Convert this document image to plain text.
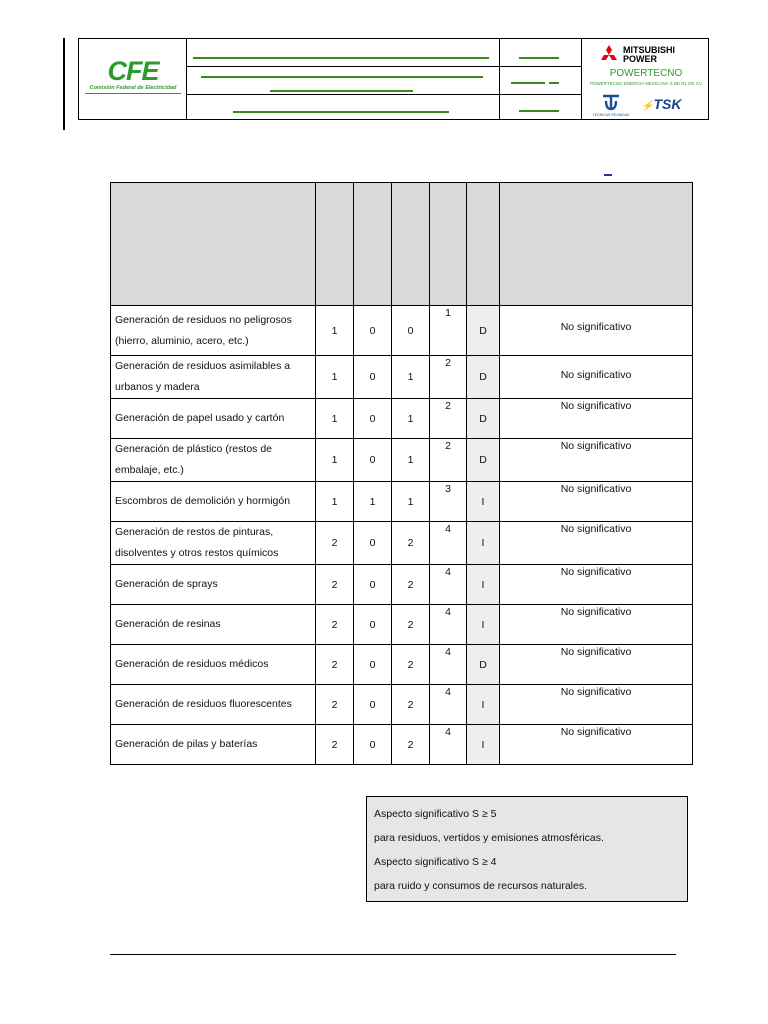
CFE
Comisión Federal de Electricidad
MITSUBISHI
POWER
POWERTECNO
POWERTECNO ENERGIA MEXICANA S DE RL DE CV
TECNICAS REUNIDAS
⚡TSK

Generación de residuos no peligrosos (hierro, aluminio, acero, etc.)	1	0	0	1	D	No significativo

Generación de residuos asimilables a urbanos y madera	1	0	1	2	D	No significativo

Generación de papel usado y cartón	1	0	1	2	D	No significativo

Generación de plástico (restos de embalaje, etc.)	1	0	1	2	D	No significativo

Escombros de demolición y hormigón	1	1	1	3	I	No significativo

Generación de restos de pinturas, disolventes y otros restos químicos	2	0	2	4	I	No significativo

Generación de sprays	2	0	2	4	I	No significativo

Generación de resinas	2	0	2	4	I	No significativo

Generación de residuos médicos	2	0	2	4	D	No significativo

Generación de residuos fluorescentes	2	0	2	4	I	No significativo

Generación de pilas y baterías	2	0	2	4	I	No significativo

Aspecto significativo S ≥ 5

para residuos, vertidos y emisiones atmosféricas.

Aspecto significativo S ≥ 4

para ruido y consumos de recursos naturales.
